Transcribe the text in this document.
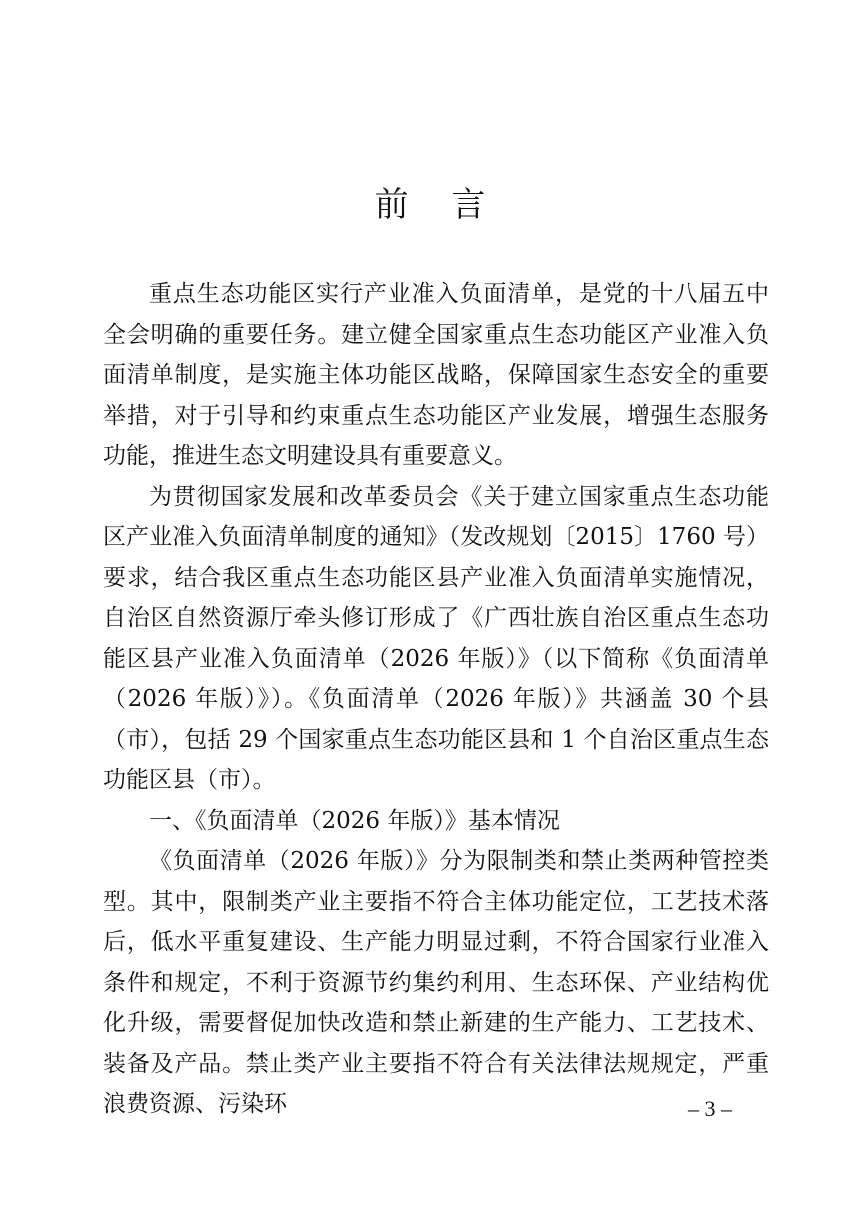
前 言

重点生态功能区实行产业准入负面清单，是党的十八届五中全会明确的重要任务。建立健全国家重点生态功能区产业准入负面清单制度，是实施主体功能区战略，保障国家生态安全的重要举措，对于引导和约束重点生态功能区产业发展，增强生态服务功能，推进生态文明建设具有重要意义。

为贯彻国家发展和改革委员会《关于建立国家重点生态功能区产业准入负面清单制度的通知》（发改规划〔2015〕1760 号）要求，结合我区重点生态功能区县产业准入负面清单实施情况，自治区自然资源厅牵头修订形成了《广西壮族自治区重点生态功能区县产业准入负面清单（2026 年版）》（以下简称《负面清单（2026 年版）》）。《负面清单（2026 年版）》共涵盖 30 个县（市），包括 29 个国家重点生态功能区县和 1 个自治区重点生态功能区县（市）。

一、《负面清单（2026 年版）》基本情况

《负面清单（2026 年版）》分为限制类和禁止类两种管控类型。其中，限制类产业主要指不符合主体功能定位，工艺技术落后，低水平重复建设、生产能力明显过剩，不符合国家行业准入条件和规定，不利于资源节约集约利用、生态环保、产业结构优化升级，需要督促加快改造和禁止新建的生产能力、工艺技术、装备及产品。禁止类产业主要指不符合有关法律法规规定，严重浪费资源、污染环	– 3 –
